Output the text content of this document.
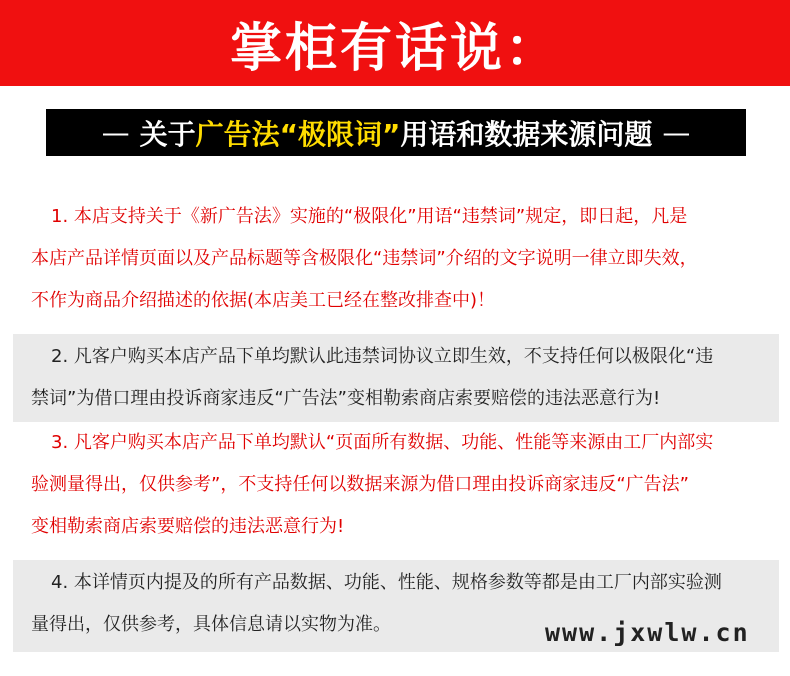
掌柜有话说：
— 关于 广告法“极限词” 用语和数据来源问题 —
1. 本店支持关于《新广告法》实施的“极限化”用语“违禁词”规定，即日起，凡是
本店产品详情页面以及产品标题等含极限化“违禁词”介绍的文字说明一律立即失效，
不作为商品介绍描述的依据(本店美工已经在整改排查中)！
2. 凡客户购买本店产品下单均默认此违禁词协议立即生效，不支持任何以极限化“违
禁词”为借口理由投诉商家违反“广告法”变相勒索商店索要赔偿的违法恶意行为!
3. 凡客户购买本店产品下单均默认“页面所有数据、功能、性能等来源由工厂内部实
验测量得出，仅供参考”，不支持任何以数据来源为借口理由投诉商家违反“广告法”
变相勒索商店索要赔偿的违法恶意行为!
4. 本详情页内提及的所有产品数据、功能、性能、规格参数等都是由工厂内部实验测
量得出，仅供参考，具体信息请以实物为准。	www.jxwlw.cn
